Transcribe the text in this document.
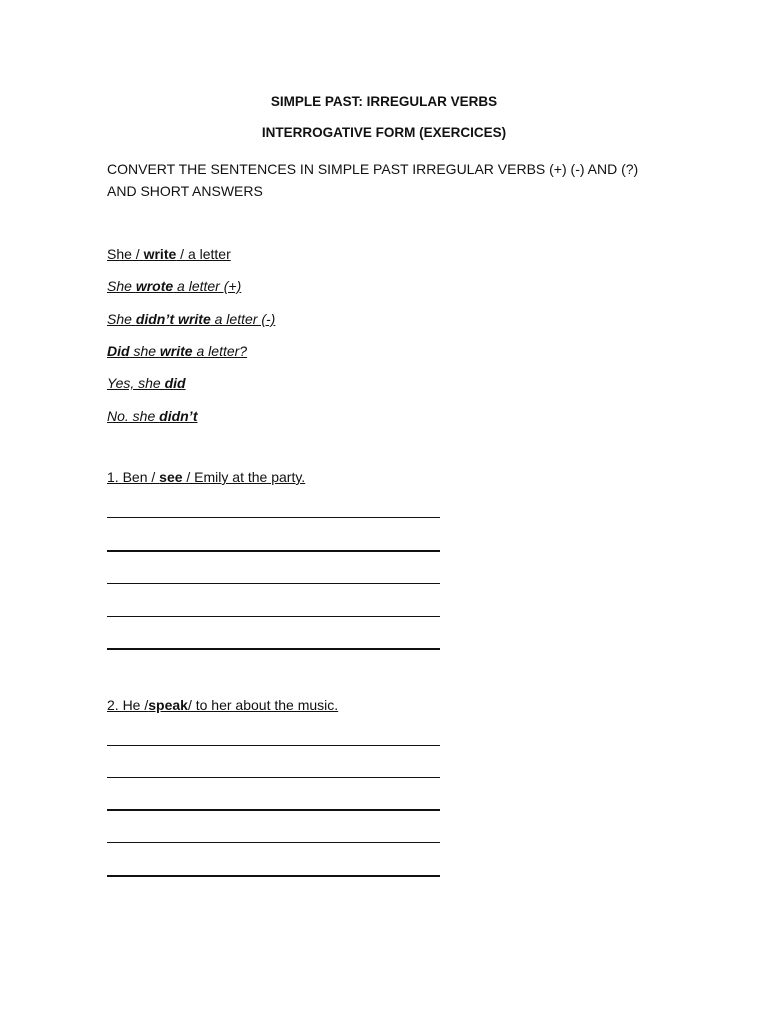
SIMPLE PAST: IRREGULAR VERBS
INTERROGATIVE FORM (EXERCICES)
CONVERT THE SENTENCES IN SIMPLE PAST IRREGULAR VERBS (+) (-) AND (?) AND SHORT ANSWERS
She / write / a letter
She wrote a letter (+)
She didn’t write a letter (-)
Did she write a letter?
Yes, she did
No. she didn’t
1. Ben / see / Emily at the party.
2. He /speak/ to her about the music.
